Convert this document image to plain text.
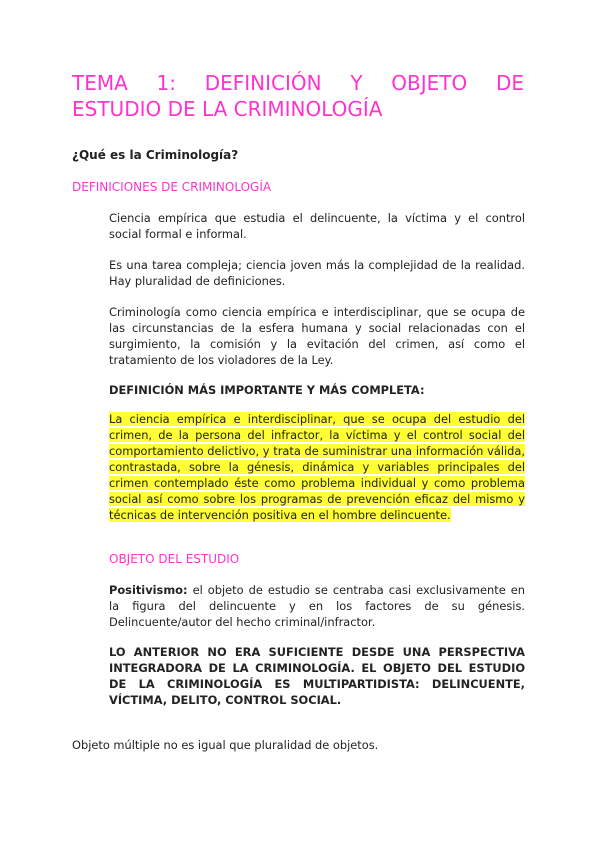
TEMA 1: DEFINICIÓN Y OBJETO DE
ESTUDIO DE LA CRIMINOLOGÍA

¿Qué es la Criminología?

DEFINICIONES DE CRIMINOLOGÍA

Ciencia empírica que estudia el delincuente, la víctima y el control social formal e informal.

Es una tarea compleja; ciencia joven más la complejidad de la realidad. Hay pluralidad de definiciones.

Criminología como ciencia empírica e interdisciplinar, que se ocupa de las circunstancias de la esfera humana y social relacionadas con el surgimiento, la comisión y la evitación del crimen, así como el tratamiento de los violadores de la Ley.

DEFINICIÓN MÁS IMPORTANTE Y MÁS COMPLETA:

La ciencia empírica e interdisciplinar, que se ocupa del estudio del crimen, de la persona del infractor, la víctima y el control social del comportamiento delictivo, y trata de suministrar una información válida, contrastada, sobre la génesis, dinámica y variables principales del crimen contemplado éste como problema individual y como problema social así como sobre los programas de prevención eficaz del mismo y técnicas de intervención positiva en el hombre delincuente.

OBJETO DEL ESTUDIO

Positivismo: el objeto de estudio se centraba casi exclusivamente en la figura del delincuente y en los factores de su génesis. Delincuente/autor del hecho criminal/infractor.

LO ANTERIOR NO ERA SUFICIENTE DESDE UNA PERSPECTIVA INTEGRADORA DE LA CRIMINOLOGÍA. EL OBJETO DEL ESTUDIO DE LA CRIMINOLOGÍA ES MULTIPARTIDISTA: DELINCUENTE, VÍCTIMA, DELITO, CONTROL SOCIAL.

Objeto múltiple no es igual que pluralidad de objetos.
